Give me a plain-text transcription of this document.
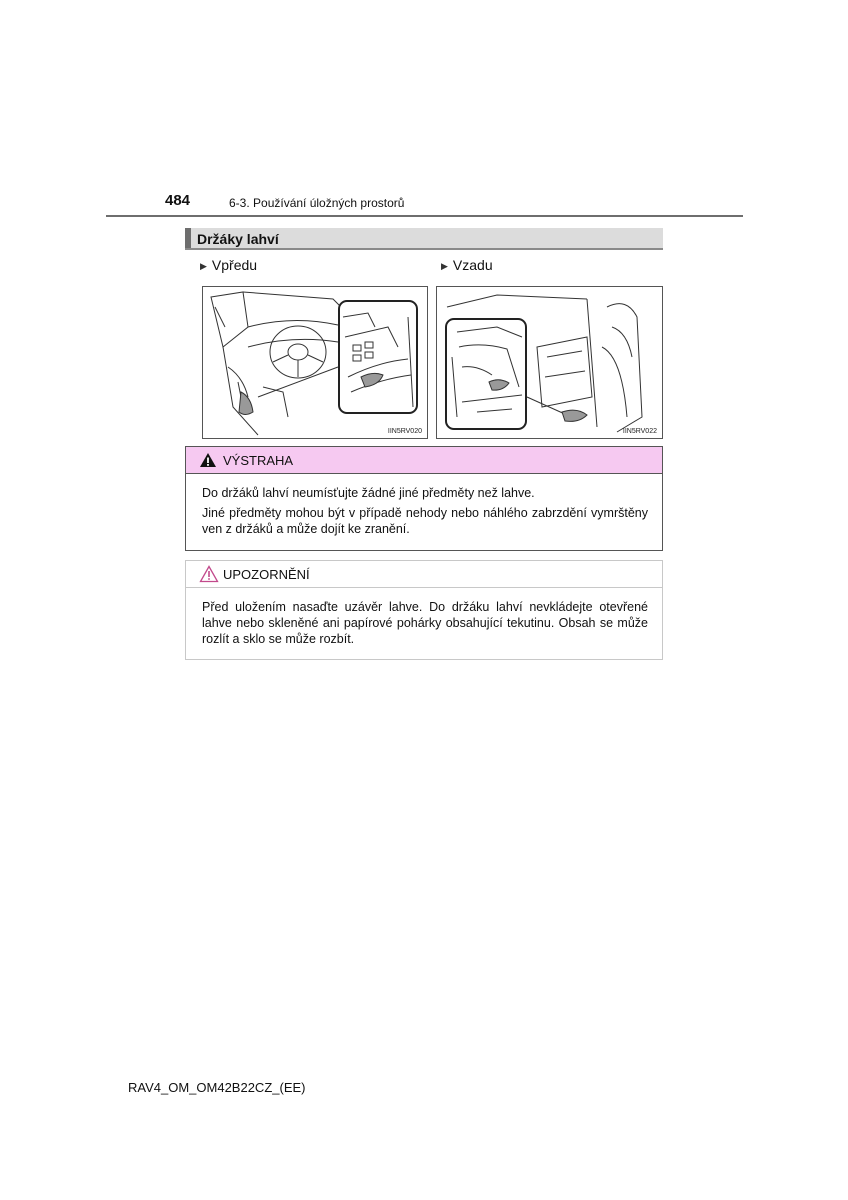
484	6-3. Používání úložných prostorů
Držáky lahví
▶ Vpředu	▶ Vzadu
IIN5RV020	IIN5RV022
VÝSTRAHA

Do držáků lahví neumísťujte žádné jiné předměty než lahve.

Jiné předměty mohou být v případě nehody nebo náhlého zabrzdění vymrštěny ven z držáků a může dojít ke zranění.

UPOZORNĚNÍ

Před uložením nasaďte uzávěr lahve. Do držáku lahví nevkládejte otevřené lahve nebo skleněné ani papírové pohárky obsahující tekutinu. Obsah se může rozlít a sklo se může rozbít.

RAV4_OM_OM42B22CZ_(EE)
